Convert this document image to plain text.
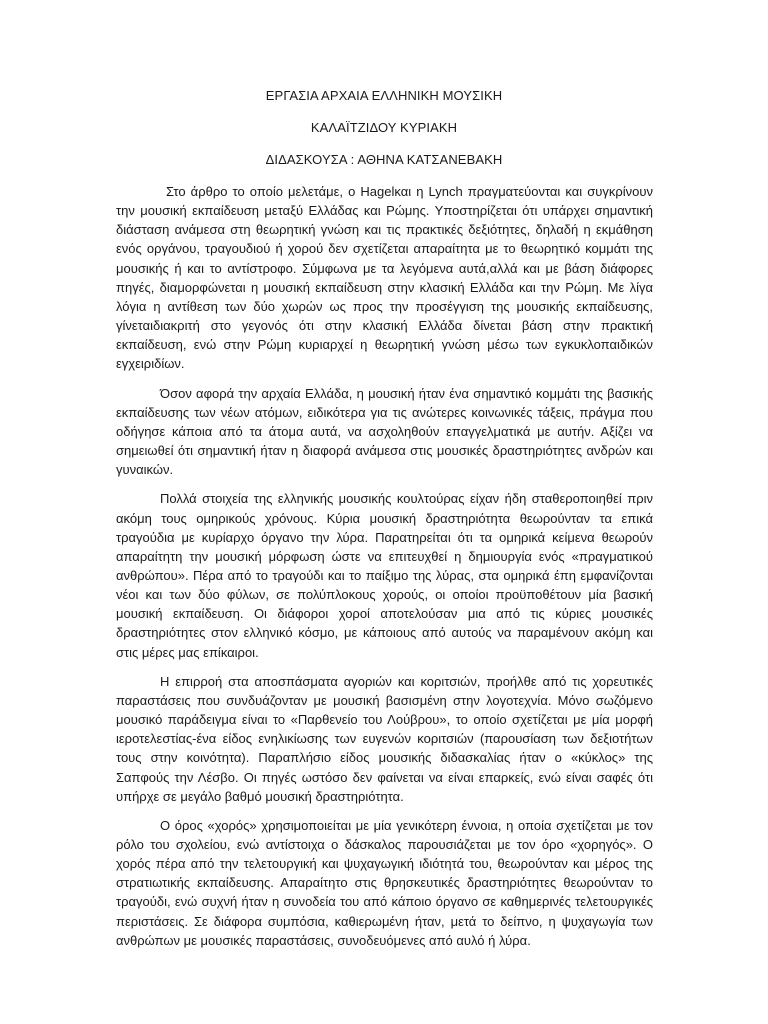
ΕΡΓΑΣΙΑ ΑΡΧΑΙΑ ΕΛΛΗΝΙΚΗ ΜΟΥΣΙΚΗ
ΚΑΛΑΪΤΖΙΔΟΥ ΚΥΡΙΑΚΗ
ΔΙΔΑΣΚΟΥΣΑ : ΑΘΗΝΑ ΚΑΤΣΑΝΕΒΑΚΗ

Στο άρθρο το οποίο μελετάμε, ο Hagelκαι η Lynch πραγματεύονται και συγκρίνουν την μουσική εκπαίδευση μεταξύ Ελλάδας και Ρώμης. Υποστηρίζεται ότι υπάρχει σημαντική διάσταση ανάμεσα στη θεωρητική γνώση και τις πρακτικές δεξιότητες, δηλαδή η εκμάθηση ενός οργάνου, τραγουδιού ή χορού δεν σχετίζεται απαραίτητα με το θεωρητικό κομμάτι της μουσικής ή και το αντίστροφο. Σύμφωνα με τα λεγόμενα αυτά,αλλά και με βάση διάφορες πηγές, διαμορφώνεται η μουσική εκπαίδευση στην κλασική Ελλάδα και την Ρώμη. Με λίγα λόγια η αντίθεση των δύο χωρών ως προς την προσέγγιση της μουσικής εκπαίδευσης, γίνεταιδιακριτή στο γεγονός ότι στην κλασική Ελλάδα δίνεται βάση στην πρακτική εκπαίδευση, ενώ στην Ρώμη κυριαρχεί η θεωρητική γνώση μέσω των εγκυκλοπαιδικών εγχειριδίων.

Όσον αφορά την αρχαία Ελλάδα, η μουσική ήταν ένα σημαντικό κομμάτι της βασικής εκπαίδευσης των νέων ατόμων, ειδικότερα για τις ανώτερες κοινωνικές τάξεις, πράγμα που οδήγησε κάποια από τα άτομα αυτά, να ασχοληθούν επαγγελματικά με αυτήν. Αξίζει να σημειωθεί ότι σημαντική ήταν η διαφορά ανάμεσα στις μουσικές δραστηριότητες ανδρών και γυναικών.

Πολλά στοιχεία της ελληνικής μουσικής κουλτούρας είχαν ήδη σταθεροποιηθεί πριν ακόμη τους ομηρικούς χρόνους. Κύρια μουσική δραστηριότητα θεωρούνταν τα επικά τραγούδια με κυρίαρχο όργανο την λύρα. Παρατηρείται ότι τα ομηρικά κείμενα θεωρούν απαραίτητη την μουσική μόρφωση ώστε να επιτευχθεί η δημιουργία ενός «πραγματικού ανθρώπου». Πέρα από το τραγούδι και το παίξιμο της λύρας, στα ομηρικά έπη εμφανίζονται νέοι και των δύο φύλων, σε πολύπλοκους χορούς, οι οποίοι προϋποθέτουν μία βασική μουσική εκπαίδευση. Οι διάφοροι χοροί αποτελούσαν μια από τις κύριες μουσικές δραστηριότητες στον ελληνικό κόσμο, με κάποιους από αυτούς να παραμένουν ακόμη και στις μέρες μας επίκαιροι.

Η επιρροή στα αποσπάσματα αγοριών και κοριτσιών, προήλθε από τις χορευτικές παραστάσεις που συνδυάζονταν με μουσική βασισμένη στην λογοτεχνία. Μόνο σωζόμενο μουσικό παράδειγμα είναι το «Παρθενείο του Λούβρου», το οποίο σχετίζεται με μία μορφή ιεροτελεστίας-ένα είδος ενηλικίωσης των ευγενών κοριτσιών (παρουσίαση των δεξιοτήτων τους στην κοινότητα). Παραπλήσιο είδος μουσικής διδασκαλίας ήταν ο «κύκλος» της Σαπφούς την Λέσβο. Οι πηγές ωστόσο δεν φαίνεται να είναι επαρκείς, ενώ είναι σαφές ότι υπήρχε σε μεγάλο βαθμό μουσική δραστηριότητα.

Ο όρος «χορός» χρησιμοποιείται με μία γενικότερη έννοια, η οποία σχετίζεται με τον ρόλο του σχολείου, ενώ αντίστοιχα ο δάσκαλος παρουσιάζεται με τον όρο «χορηγός». Ο χορός πέρα από την τελετουργική και ψυχαγωγική ιδιότητά του, θεωρούνταν και μέρος της στρατιωτικής εκπαίδευσης. Απαραίτητο στις θρησκευτικές δραστηριότητες θεωρούνταν το τραγούδι, ενώ συχνή ήταν η συνοδεία του από κάποιο όργανο σε καθημερινές τελετουργικές περιστάσεις. Σε διάφορα συμπόσια, καθιερωμένη ήταν, μετά το δείπνο, η ψυχαγωγία των ανθρώπων με μουσικές παραστάσεις, συνοδευόμενες από αυλό ή λύρα.
